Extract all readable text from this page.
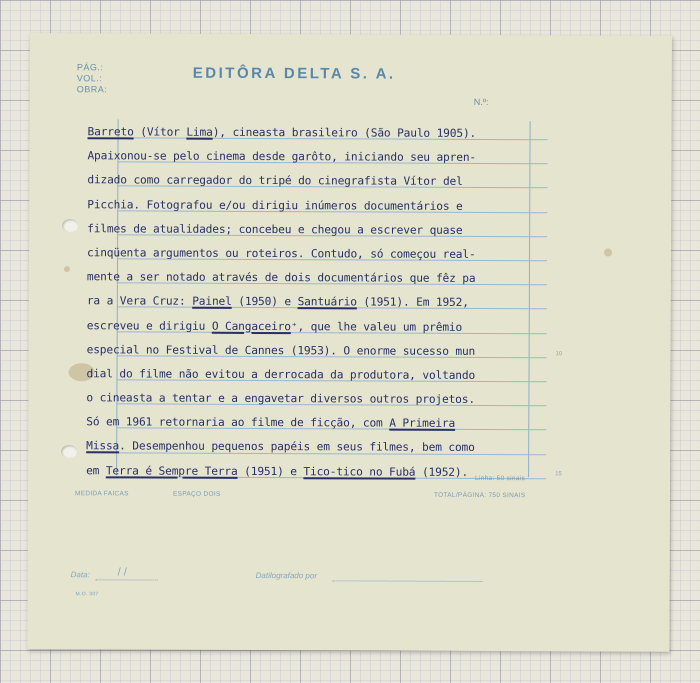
PÁG.:
VOL.:
OBRA:
EDITÔRA DELTA S. A.
N.º:
Barreto (Vítor Lima), cineasta brasileiro (São Paulo 1905).
Apaixonou-se pelo cinema desde garôto, iniciando seu apren-
dizado como carregador do tripé do cinegrafista Vítor del
Picchia. Fotografou e/ou dirigiu inúmeros documentários e
filmes de atualidades; concebeu e chegou a escrever quase
cinqüenta argumentos ou roteiros. Contudo, só começou real-
mente a ser notado através de dois documentários que fêz pa
ra a Vera Cruz: Painel (1950) e Santuário (1951). Em 1952,
escreveu e dirigiu O Cangaceiro⁺, que lhe valeu um prêmio
especial no Festival de Cannes (1953). O enorme sucesso mun
dial do filme não evitou a derrocada da produtora, voltando
o cineasta a tentar e a engavetar diversos outros projetos.
Só em 1961 retornaria ao filme de ficção, com A Primeira
Missa. Desempenhou pequenos papéis em seus filmes, bem como
em Terra é Sempre Terra (1951) e Tico-tico no Fubá (1952).
10
15
Linha: 50 sinais
MEDIDA FAICAS	ESPAÇO DOIS	TOTAL/PÁGINA: 750 SINAIS
Data:	/ /	Datilografado por
M.O. 307
